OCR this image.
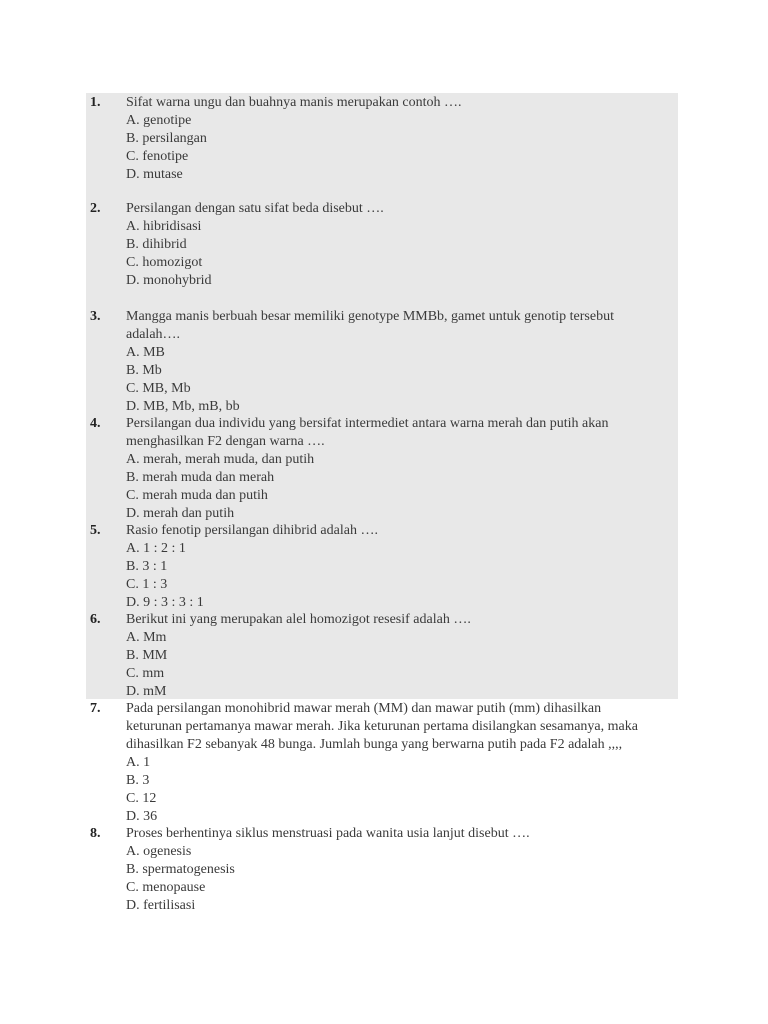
1. Sifat warna ungu dan buahnya manis merupakan contoh ….
A. genotipe
B. persilangan
C. fenotipe
D. mutase
2. Persilangan dengan satu sifat beda disebut ….
A. hibridisasi
B. dihibrid
C. homozigot
D. monohybrid
3. Mangga manis berbuah besar memiliki genotype MMBb, gamet untuk genotip tersebut
adalah….
A. MB
B. Mb
C. MB, Mb
D. MB, Mb, mB, bb
4. Persilangan dua individu yang bersifat intermediet antara warna merah dan putih akan
menghasilkan F2 dengan warna ….
A. merah, merah muda, dan putih
B. merah muda dan merah
C. merah muda dan putih
D. merah dan putih
5. Rasio fenotip persilangan dihibrid adalah ….
A. 1 : 2 : 1
B. 3 : 1
C. 1 : 3
D. 9 : 3 : 3 : 1
6. Berikut ini yang merupakan alel homozigot resesif adalah ….
A. Mm
B. MM
C. mm
D. mM
7. Pada persilangan monohibrid mawar merah (MM) dan mawar putih (mm) dihasilkan
keturunan pertamanya mawar merah. Jika keturunan pertama disilangkan sesamanya, maka
dihasilkan F2 sebanyak 48 bunga. Jumlah bunga yang berwarna putih pada F2 adalah ,,,,
A. 1
B. 3
C. 12
D. 36
8. Proses berhentinya siklus menstruasi pada wanita usia lanjut disebut ….
A. ogenesis
B. spermatogenesis
C. menopause
D. fertilisasi
